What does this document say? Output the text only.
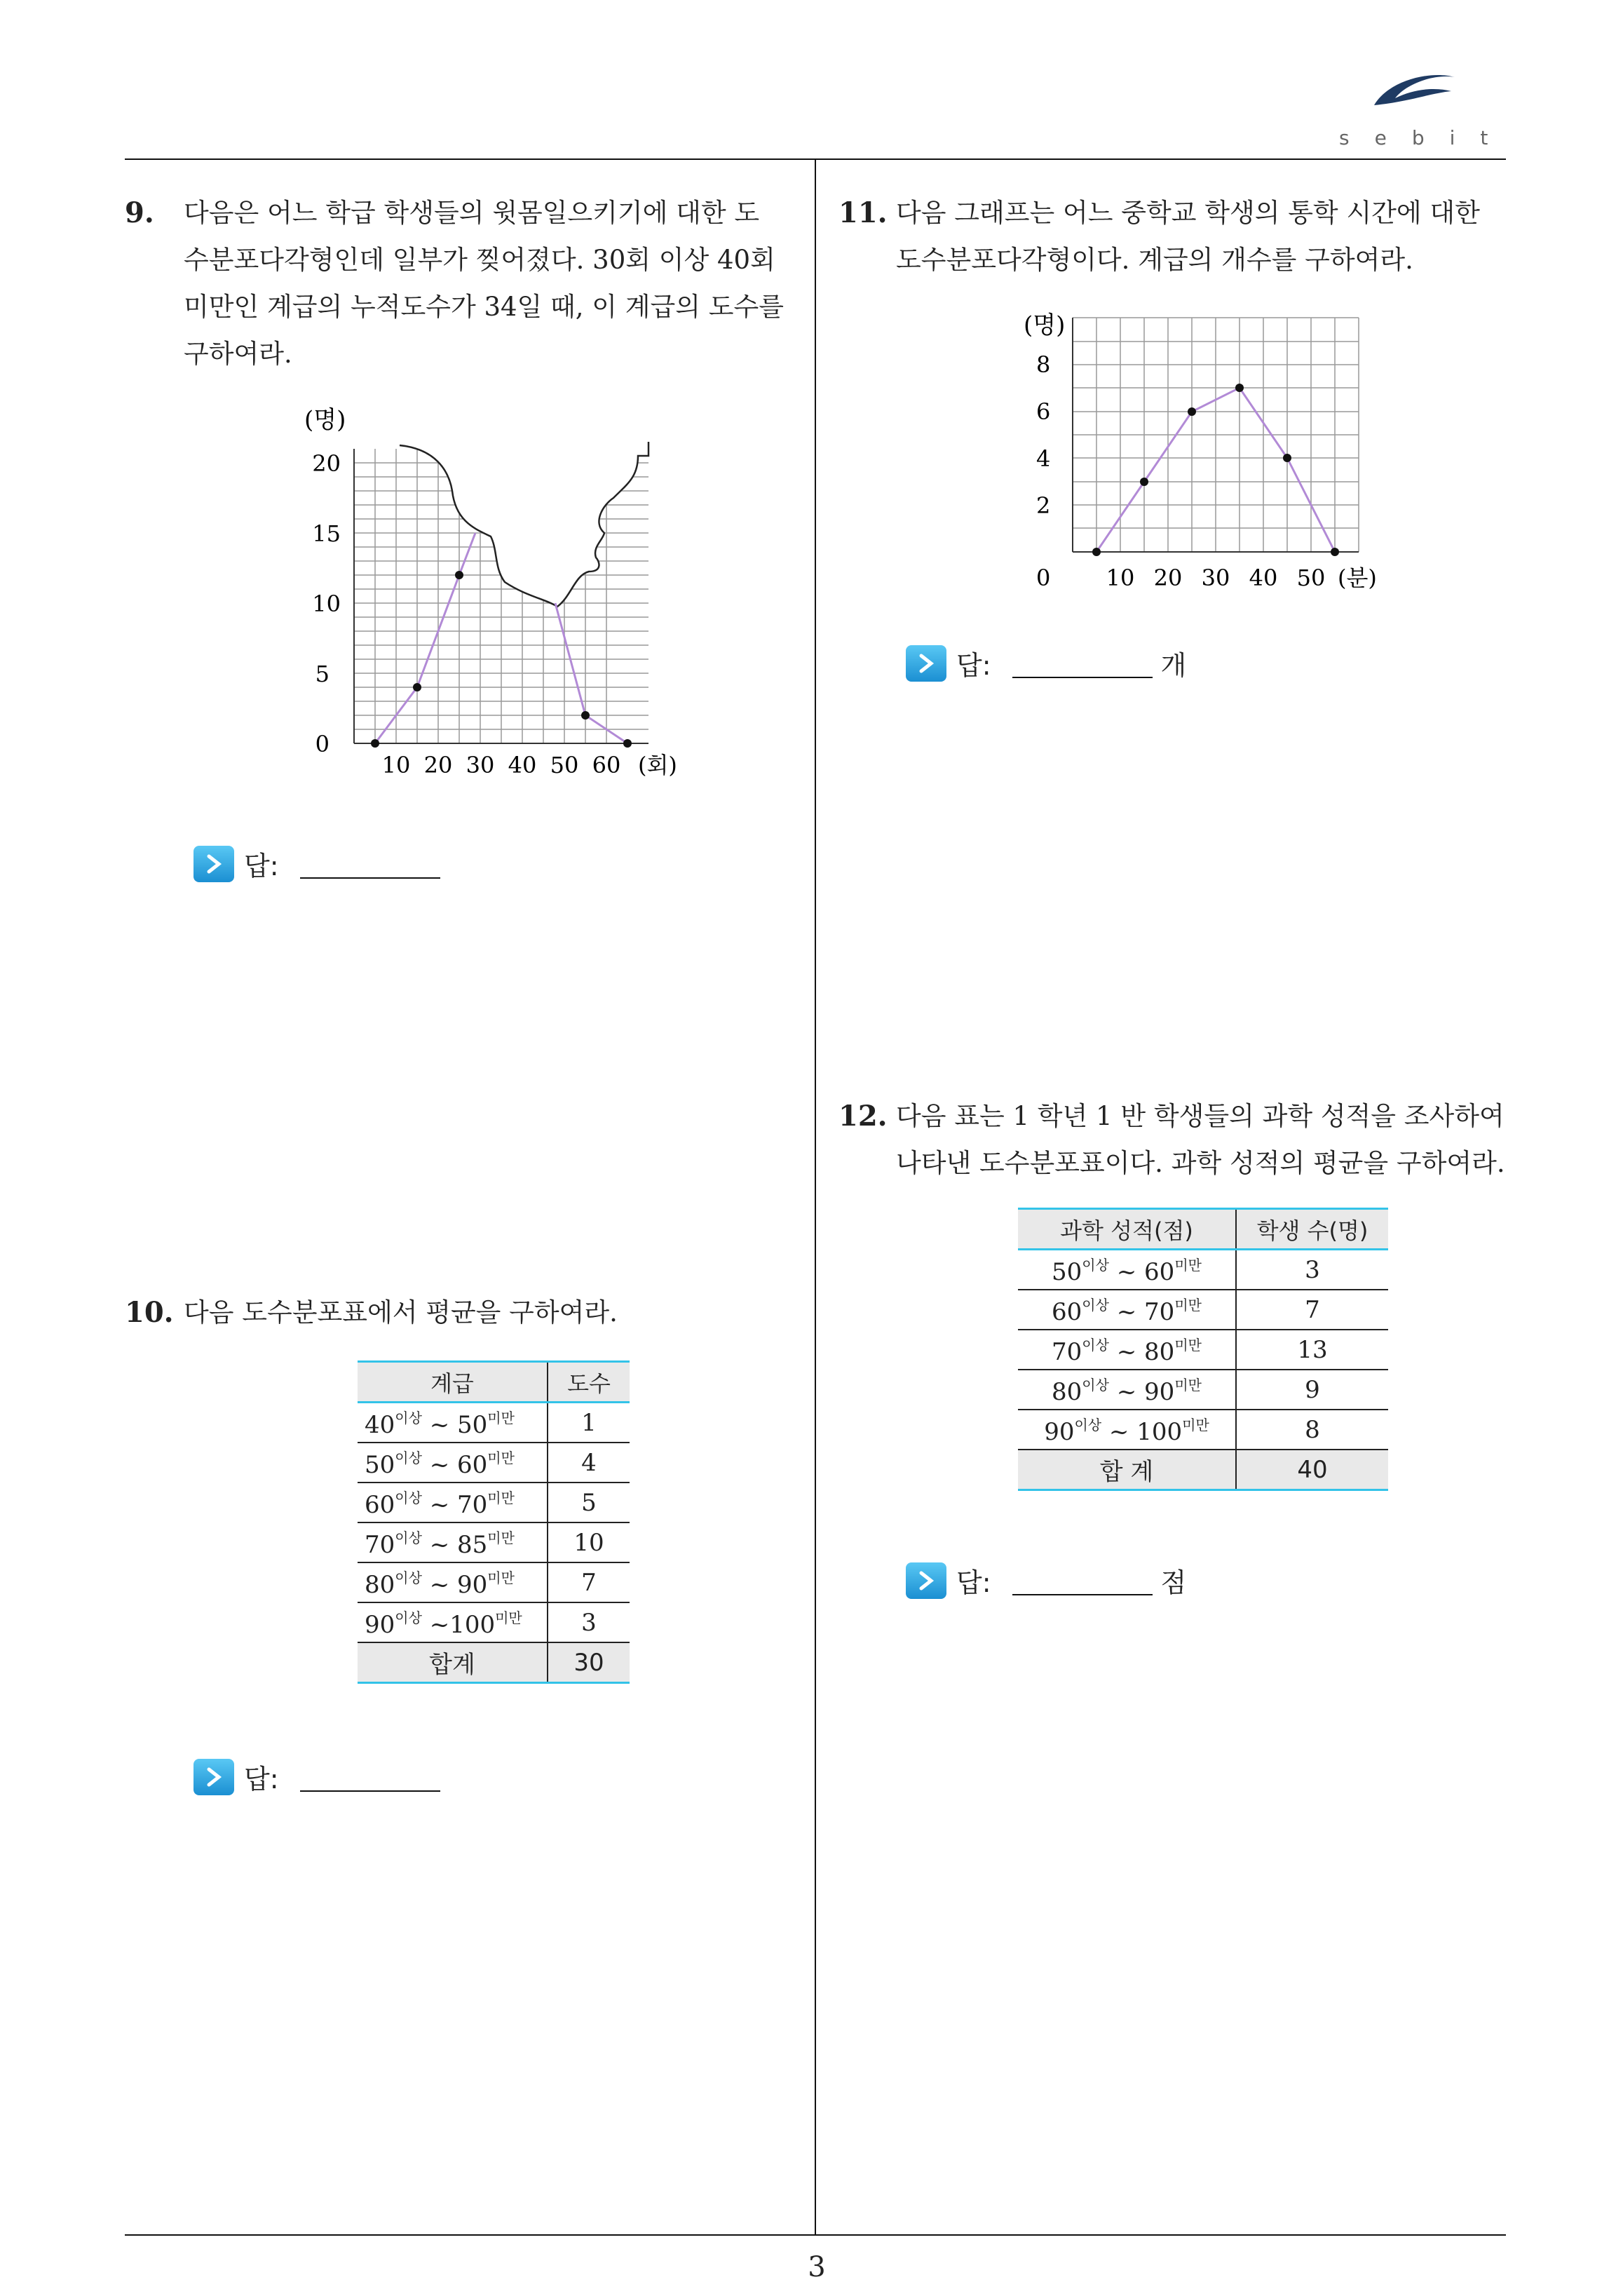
sebit
3
9. 다음은 어느 학급 학생들의 윗몸일으키기에 대한 도
수분포다각형인데 일부가 찢어졌다. 30회 이상 40회
미만인 계급의 누적도수가 34일 때, 이 계급의 도수를
구하여라.
(명)
0
5
10
15
20
10 20 30 40 50 60 (회)
답:
10. 다음 도수분포표에서 평균을 구하여라.
계급	도수
$40^{이상}$ ~ $50^{미만}$	1
$50^{이상}$ ~ $60^{미만}$	4
$60^{이상}$ ~ $70^{미만}$	5
$70^{이상}$ ~ $85^{미만}$	10
$80^{이상}$ ~ $90^{미만}$	7
$90^{이상}$ $\sim 100^{미만}$	3
합계	30
답:
11. 다음 그래프는 어느 중학교 학생의 통학 시간에 대한
도수분포다각형이다. 계급의 개수를 구하여라.
(명)
0
2
4
6
8
10 20 30 40 50 (분)
답:	개
12. 다음 표는 1 학년 1 반 학생들의 과학 성적을 조사하여
나타낸 도수분포표이다. 과학 성적의 평균을 구하여라.
과학 성적(점)	학생 수(명)
$50^{이상}$ ~ $60^{미만}$	3
$60^{이상}$ ~ $70^{미만}$	7
$70^{이상}$ ~ $80^{미만}$	13
$80^{이상}$ ~ $90^{미만}$	9
$90^{이상}$ ~ $100^{미만}$	8
합 계	40
답:	점
